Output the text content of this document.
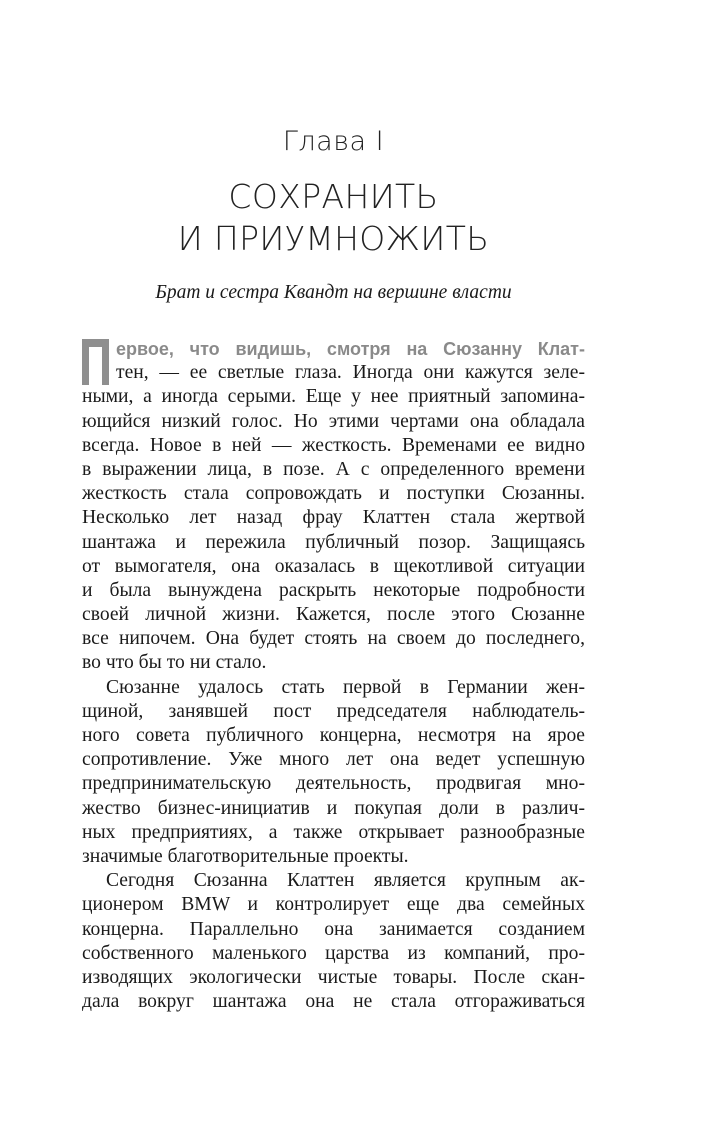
Глава I
СОХРАНИТЬ
И ПРИУМНОЖИТЬ
Брат и сестра Квандт на вершине власти
ервое, что видишь, смотря на Сюзанну Клат-
тен, — ее светлые глаза. Иногда они кажутся зеле-
ными, а иногда серыми. Еще у нее приятный запомина-
ющийся низкий голос. Но этими чертами она обладала
всегда. Новое в ней — жесткость. Временами ее видно
в выражении лица, в позе. А с определенного времени
жесткость стала сопровождать и поступки Сюзанны.
Несколько лет назад фрау Клаттен стала жертвой
шантажа и пережила публичный позор. Защищаясь
от вымогателя, она оказалась в щекотливой ситуации
и была вынуждена раскрыть некоторые подробности
своей личной жизни. Кажется, после этого Сюзанне
все нипочем. Она будет стоять на своем до последнего,
во что бы то ни стало.
Сюзанне удалось стать первой в Германии жен-
щиной, занявшей пост председателя наблюдатель-
ного совета публичного концерна, несмотря на яроe
сопротивление. Уже много лет она ведет успешную
предпринимательскую деятельность, продвигая мно-
жество бизнес-инициатив и покупая доли в различ-
ных предприятиях, а также открывает разнообразные
значимые благотворительные проекты.
Сегодня Сюзанна Клаттен является крупным ак-
ционером BMW и контролирует еще два семейных
концерна. Параллельно она занимается созданием
собственного маленького царства из компаний, про-
изводящих экологически чистые товары. После скан-
дала вокруг шантажа она не стала отгораживаться
